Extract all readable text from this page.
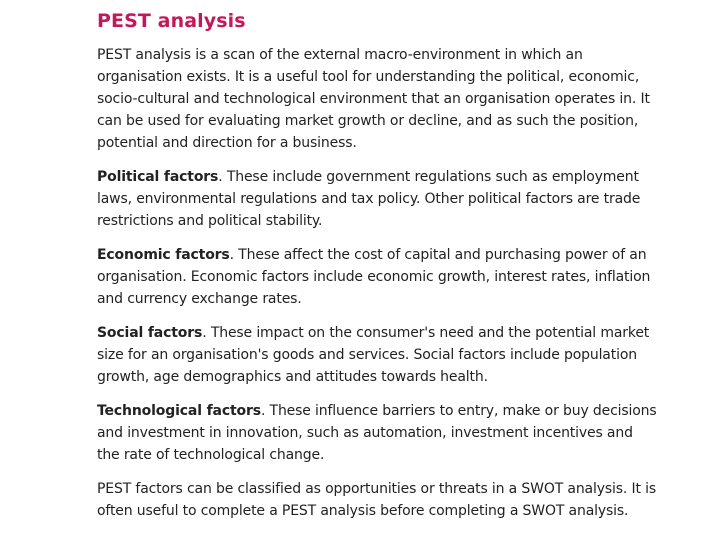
PEST analysis

PEST analysis is a scan of the external macro-environment in which an organisation exists. It is a useful tool for understanding the political, economic, socio-cultural and technological environment that an organisation operates in. It can be used for evaluating market growth or decline, and as such the position, potential and direction for a business.

Political factors. These include government regulations such as employment laws, environmental regulations and tax policy. Other political factors are trade restrictions and political stability.

Economic factors. These affect the cost of capital and purchasing power of an organisation. Economic factors include economic growth, interest rates, inflation and currency exchange rates.

Social factors. These impact on the consumer's need and the potential market size for an organisation's goods and services. Social factors include population growth, age demographics and attitudes towards health.

Technological factors. These influence barriers to entry, make or buy decisions and investment in innovation, such as automation, investment incentives and the rate of technological change.

PEST factors can be classified as opportunities or threats in a SWOT analysis. It is often useful to complete a PEST analysis before completing a SWOT analysis.
